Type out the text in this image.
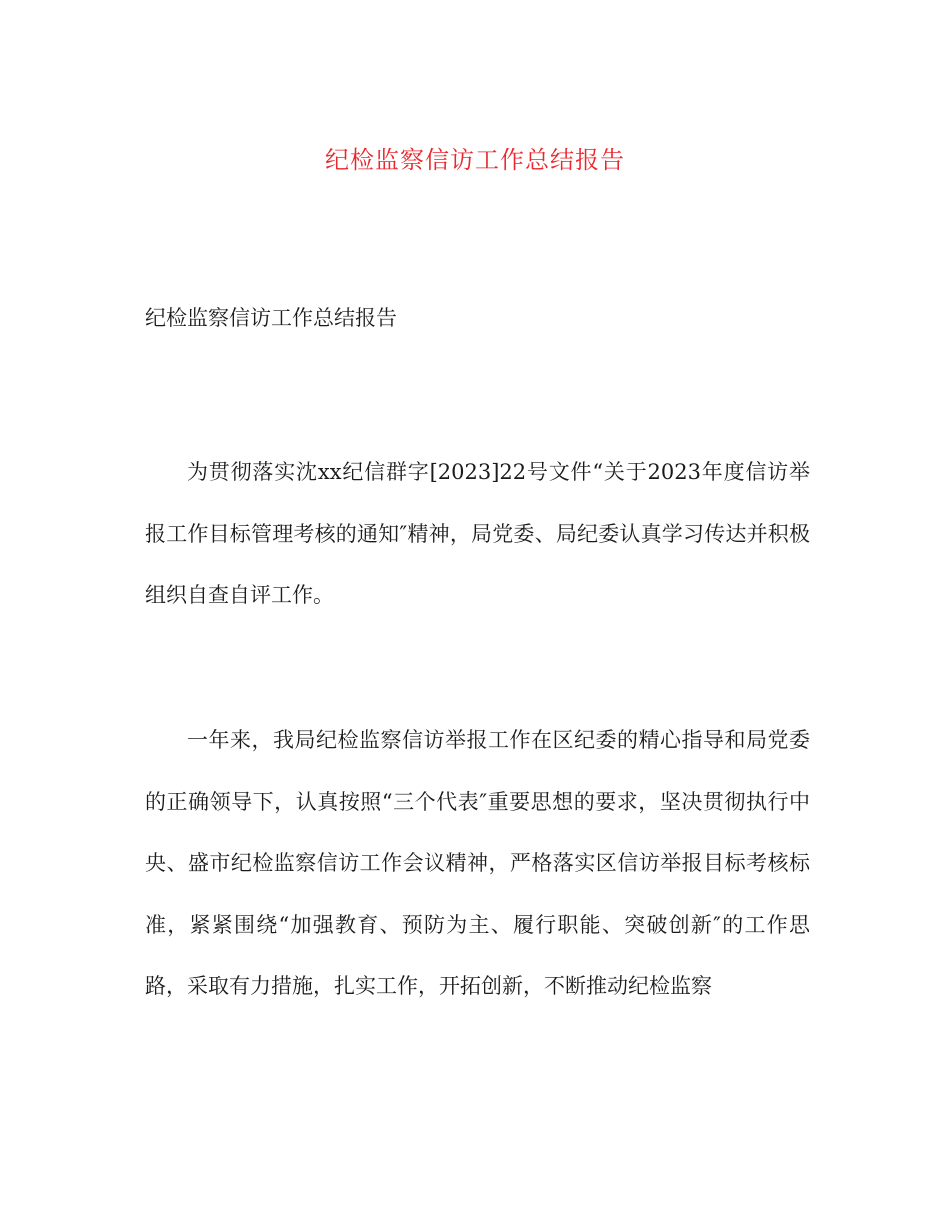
纪检监察信访工作总结报告

纪检监察信访工作总结报告

为贯彻落实沈xx纪信群字[2023]22号文件“关于2023年度信访举报工作目标管理考核的通知″精神，局党委、局纪委认真学习传达并积极组织自查自评工作。

一年来，我局纪检监察信访举报工作在区纪委的精心指导和局党委的正确领导下，认真按照“三个代表″重要思想的要求，坚决贯彻执行中央、盛市纪检监察信访工作会议精神，严格落实区信访举报目标考核标准，紧紧围绕“加强教育、预防为主、履行职能、突破创新″的工作思路，采取有力措施，扎实工作，开拓创新，不断推动纪检监察
